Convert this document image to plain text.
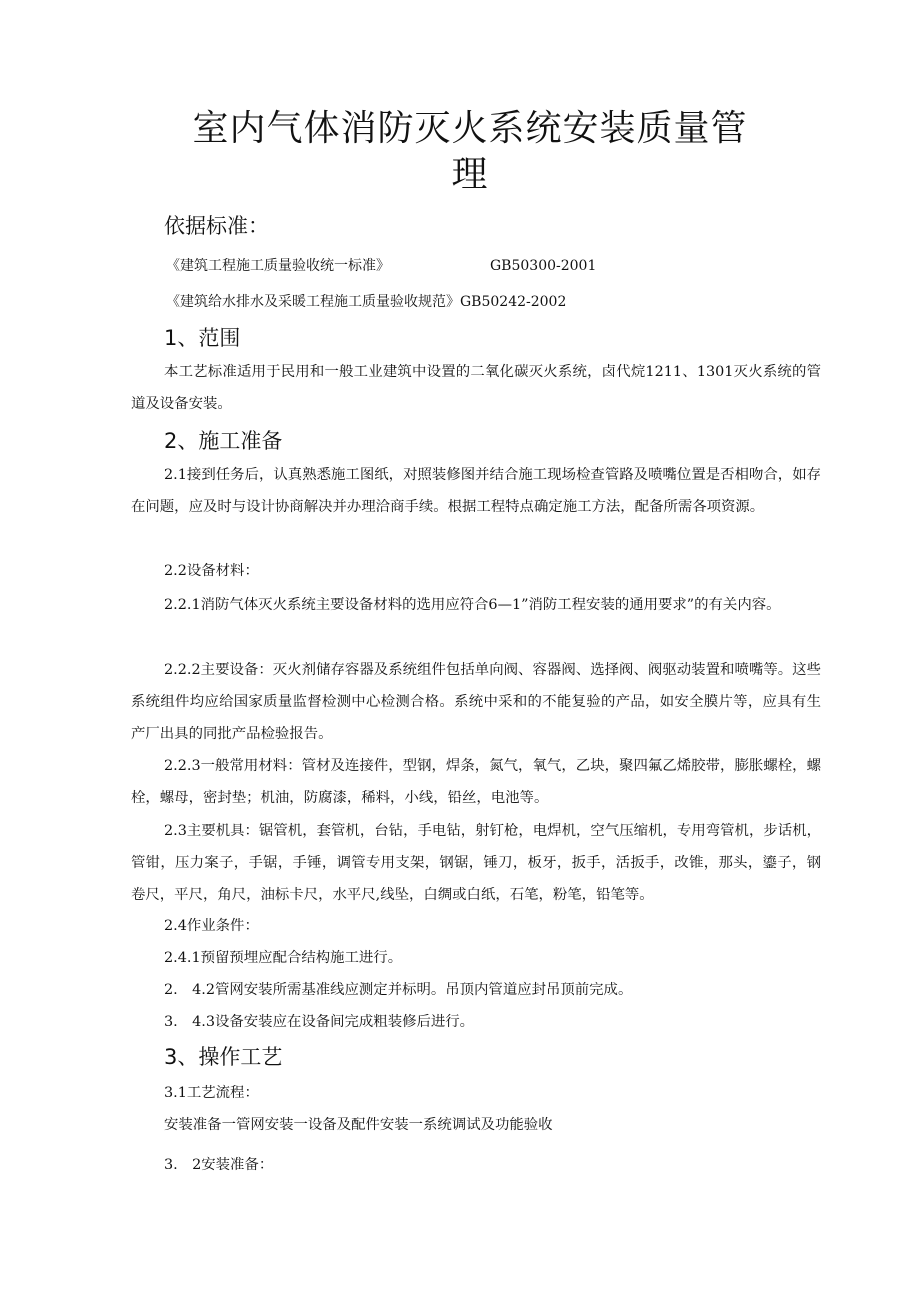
室内气体消防灭火系统安装质量管
理
依据标准：
《建筑工程施工质量验收统一标准》	GB50300-2001
《建筑给水排水及采暖工程施工质量验收规范》GB50242-2002
1、范围
本工艺标准适用于民用和一般工业建筑中设置的二氧化碳灭火系统，卤代烷1211、1301灭火系统的管道及设备安装。
2、施工准备
2.1接到任务后，认真熟悉施工图纸，对照装修图并结合施工现场检查管路及喷嘴位置是否相吻合，如存在问题，应及时与设计协商解决并办理洽商手续。根据工程特点确定施工方法，配备所需各项资源。
2.2设备材料：
2.2.1消防气体灭火系统主要设备材料的选用应符合6—1”消防工程安装的通用要求”的有关内容。
2.2.2主要设备：灭火剂储存容器及系统组件包括单向阀、容器阀、选择阀、阀驱动装置和喷嘴等。这些系统组件均应给国家质量监督检测中心检测合格。系统中采和的不能复验的产品，如安全膜片等，应具有生产厂出具的同批产品检验报告。
2.2.3一般常用材料：管材及连接件，型钢，焊条，氮气，氧气，乙块，聚四氟乙烯胶带，膨胀螺栓，螺栓，螺母，密封垫；机油，防腐漆，稀料，小线，铅丝，电池等。
2.3主要机具：锯管机，套管机，台钻，手电钻，射钉枪，电焊机，空气压缩机，专用弯管机，步话机，管钳，压力案子，手锯，手锤，调管专用支架，钢锯，锤刀，板牙，扳手，活扳手，改锥，那头，鎏子，钢卷尺，平尺，角尺，油标卡尺，水平尺,线坠，白绸或白纸，石笔，粉笔，铅笔等。
2.4作业条件：
2.4.1预留预埋应配合结构施工进行。
2.　4.2管网安装所需基准线应测定并标明。吊顶内管道应封吊顶前完成。
3.　4.3设备安装应在设备间完成粗装修后进行。
3、操作工艺
3.1工艺流程：
安装准备一管网安装一设备及配件安装一系统调试及功能验收
3.　2安装准备：
